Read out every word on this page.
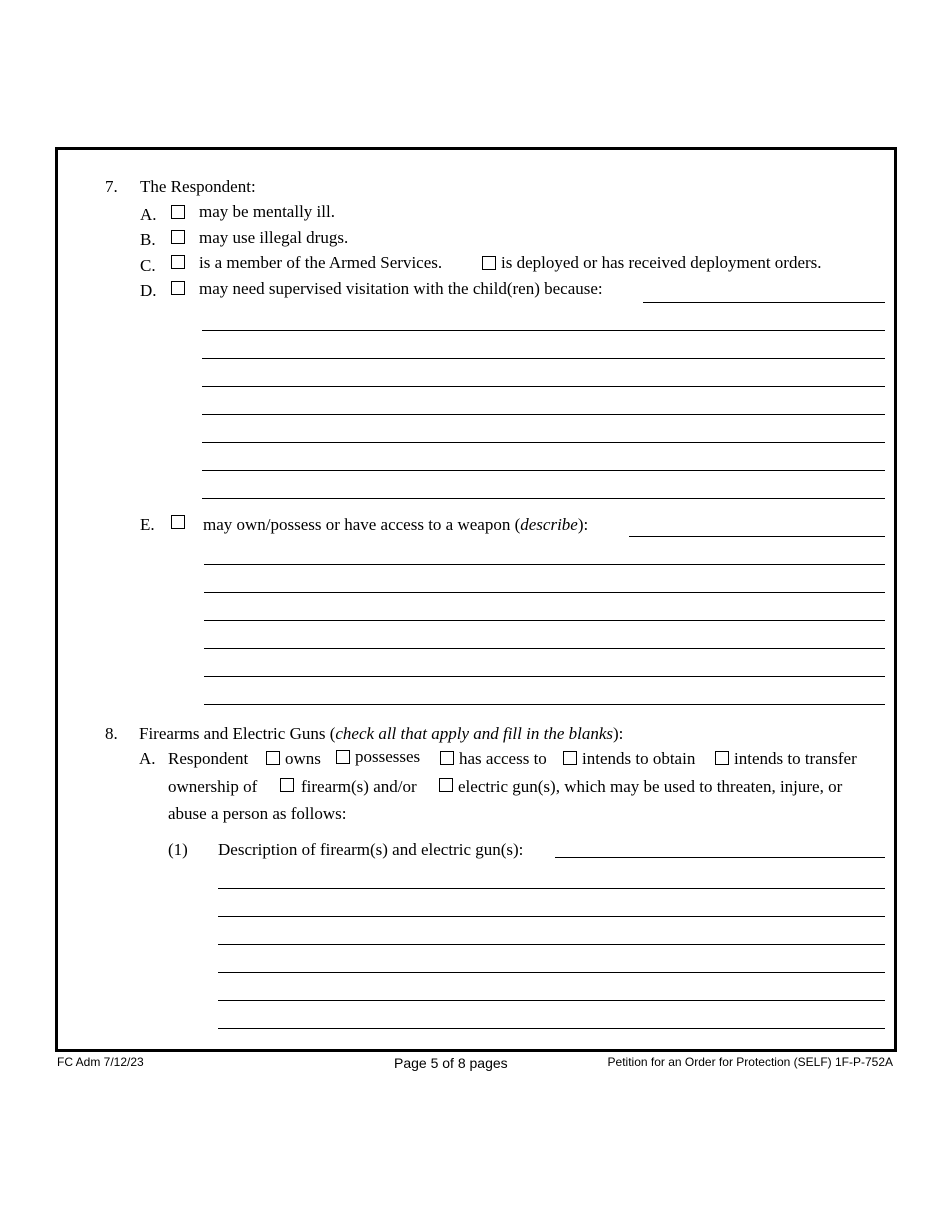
7. The Respondent:
A. may be mentally ill.
B.	may use illegal drugs.
C.	is a member of the Armed Services.	is deployed or has received deployment orders.
D. may need supervised visitation with the child(ren) because:
E.	may own/possess or have access to a weapon (describe):
8. Firearms and Electric Guns (check all that apply and fill in the blanks):
A. Respondent owns possesses has access to intends to obtain intends to transfer
ownership of	firearm(s) and/or electric gun(s), which may be used to threaten, injure, or
abuse a person as follows:
(1) Description of firearm(s) and electric gun(s):
FC Adm 7/12/23	Page 5 of 8 pages	Petition for an Order for Protection (SELF) 1F-P-752A
